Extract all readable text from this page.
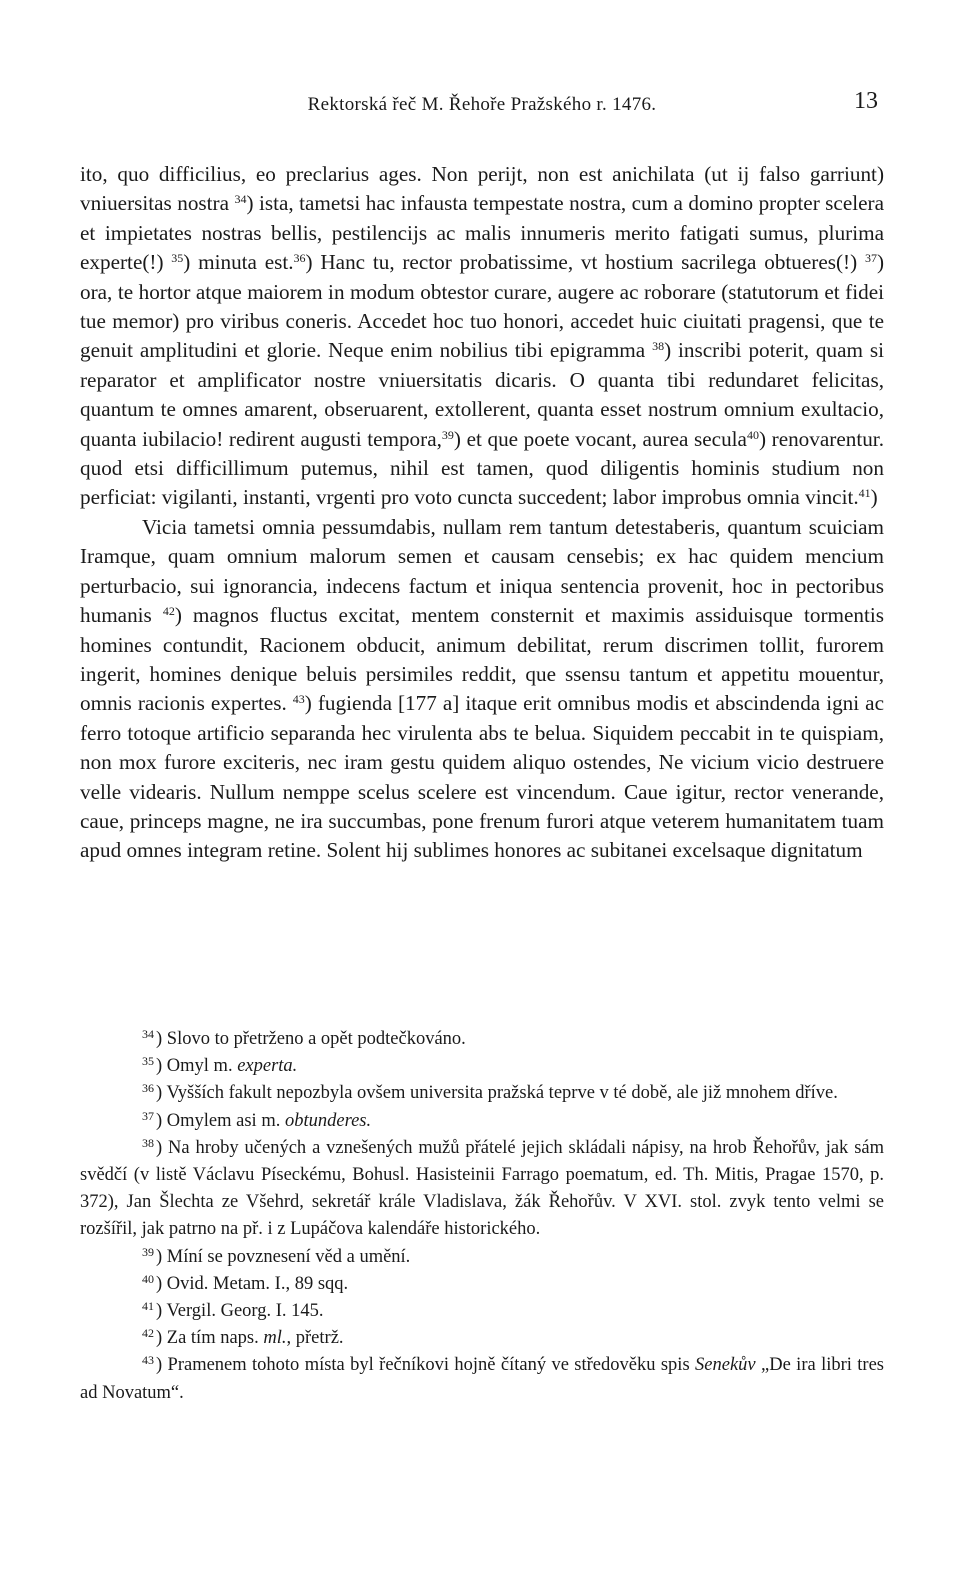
Rektorská řeč M. Řehoře Pražského r. 1476.	13

ito, quo difficilius, eo preclarius ages. Non perijt, non est anichilata (ut ij falso garriunt) vniuersitas nostra $^{34}$) ista, tametsi hac infausta tempestate nostra, cum a domino propter scelera et impietates nostras bellis, pestilencijs ac malis innumeris merito fatigati sumus, plurima experte(!) $^{35}$) minuta est.$^{36}$) Hanc tu, rector probatissime, vt hostium sacrilega obtueres(!) $^{37}$) ora, te hortor atque maiorem in modum obtestor curare, augere ac roborare (statutorum et fidei tue memor) pro viribus coneris. Accedet hoc tuo honori, accedet huic ciuitati pragensi, que te genuit amplitudini et glorie. Neque enim nobilius tibi epigramma $^{38}$) inscribi poterit, quam si reparator et amplificator nostre vniuersitatis dicaris. O quanta tibi redundaret felicitas, quantum te omnes amarent, obseruarent, extollerent, quanta esset nostrum omnium exultacio, quanta iubilacio! redirent augusti tempora,$^{39}$) et que poete vocant, aurea secula$^{40}$) renovarentur. quod etsi difficillimum putemus, nihil est tamen, quod diligentis hominis studium non perficiat: vigilanti, instanti, vrgenti pro voto cuncta succedent; labor improbus omnia vincit.$^{41}$)

Vicia tametsi omnia pessumdabis, nullam rem tantum detestaberis, quantum scuiciam Iramque, quam omnium malorum semen et causam censebis; ex hac quidem mencium perturbacio, sui ignorancia, indecens factum et iniqua sentencia provenit, hoc in pectoribus humanis $^{42}$) magnos fluctus excitat, mentem consternit et maximis assiduisque tormentis homines contundit, Racionem obducit, animum debilitat, rerum discrimen tollit, furorem ingerit, homines denique beluis persimiles reddit, que ssensu tantum et appetitu mouentur, omnis racionis expertes. $^{43}$) fugienda [177 a] itaque erit omnibus modis et abscindenda igni ac ferro totoque artificio separanda hec virulenta abs te belua. Siquidem peccabit in te quispiam, non mox furore exciteris, nec iram gestu quidem aliquo ostendes, Ne vicium vicio destruere velle videaris. Nullum nemppe scelus scelere est vincendum. Caue igitur, rector venerande, caue, princeps magne, ne ira succumbas, pone frenum furori atque veterem humanitatem tuam apud omnes integram retine. Solent hij sublimes honores ac subitanei excelsaque dignitatum

$^{34}$ ) Slovo to přetrženo a opět podtečkováno.

$^{35}$ ) Omyl m. experta.

$^{36}$ ) Vyšších fakult nepozbyla ovšem universita pražská teprve v té době, ale již mnohem dříve.

$^{37}$ ) Omylem asi m. obtunderes.

$^{38}$ ) Na hroby učených a vznešených mužů přátelé jejich skládali nápisy, na hrob Řehořův, jak sám svědčí (v listě Václavu Píseckému, Bohusl. Hasisteinii Farrago poematum, ed. Th. Mitis, Pragae 1570, p. 372), Jan Šlechta ze Všehrd, sekretář krále Vladislava, žák Řehořův. V XVI. stol. zvyk tento velmi se rozšířil, jak patrno na př. i z Lupáčova kalendáře historického.

$^{39}$ ) Míní se povznesení věd a umění.

$^{40}$ ) Ovid. Metam. I., 89 sqq.

$^{41}$ ) Vergil. Georg. I. 145.

$^{42}$ ) Za tím naps. ml., přetrž.

$^{43}$ ) Pramenem tohoto místa byl řečníkovi hojně čítaný ve středověku spis Senekův „De ira libri tres ad Novatum“.
